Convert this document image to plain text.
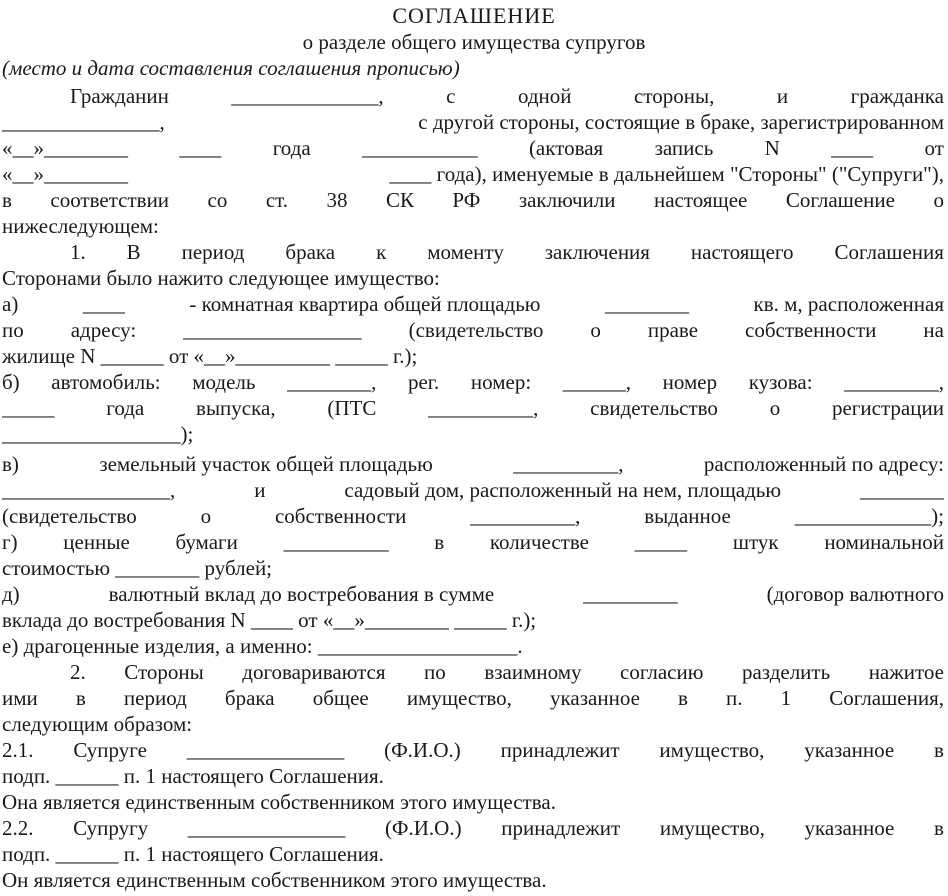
СОГЛАШЕНИЕ
о разделе общего имущества супругов
(место и дата составления соглашения прописью)
Гражданин	______________,	с	одной	стороны,	и	гражданка
_______________,	с другой стороны, состоящие в браке, зарегистрированном
«__»________ ____ года ___________ (актовая запись N ____ от
«__»________	____ года), именуемые в дальнейшем "Стороны" ("Супруги"),
в соответствии со ст. 38 СК РФ заключили настоящее Соглашение о
нижеследующем:
1. В период брака к моменту заключения настоящего Соглашения
Сторонами было нажито следующее имущество:
а)	____	- комнатная квартира общей площадью	________	кв. м, расположенная
по адресу: _________________ (свидетельство о праве собственности на
жилище N ______ от «__»_________ _____ г.);
б) автомобиль: модель ________, рег. номер: ______, номер кузова: _________,
_____ года выпуска, (ПТС __________, свидетельство о регистрации
_________________);
в)	земельный участок общей площадью	__________,	расположенный по адресу:
________________,	и	садовый дом, расположенный на нем, площадью	________
(свидетельство	о	собственности	__________,	выданное	_____________);
г) ценные бумаги __________ в количестве _____ штук номинальной
стоимостью ________ рублей;
д)	валютный вклад до востребования в сумме	_________	(договор валютного
вклада до востребования N ____ от «__»________ _____ г.);
е) драгоценные изделия, а именно: ___________________.
2. Стороны договариваются по взаимному согласию разделить нажитое
ими в период брака общее имущество, указанное в п. 1 Соглашения,
следующим образом:
2.1. Супруге _______________ (Ф.И.О.) принадлежит имущество, указанное в
подп. ______ п. 1 настоящего Соглашения.
Она является единственным собственником этого имущества.
2.2. Супругу _______________ (Ф.И.О.) принадлежит имущество, указанное в
подп. ______ п. 1 настоящего Соглашения.
Он является единственным собственником этого имущества.
